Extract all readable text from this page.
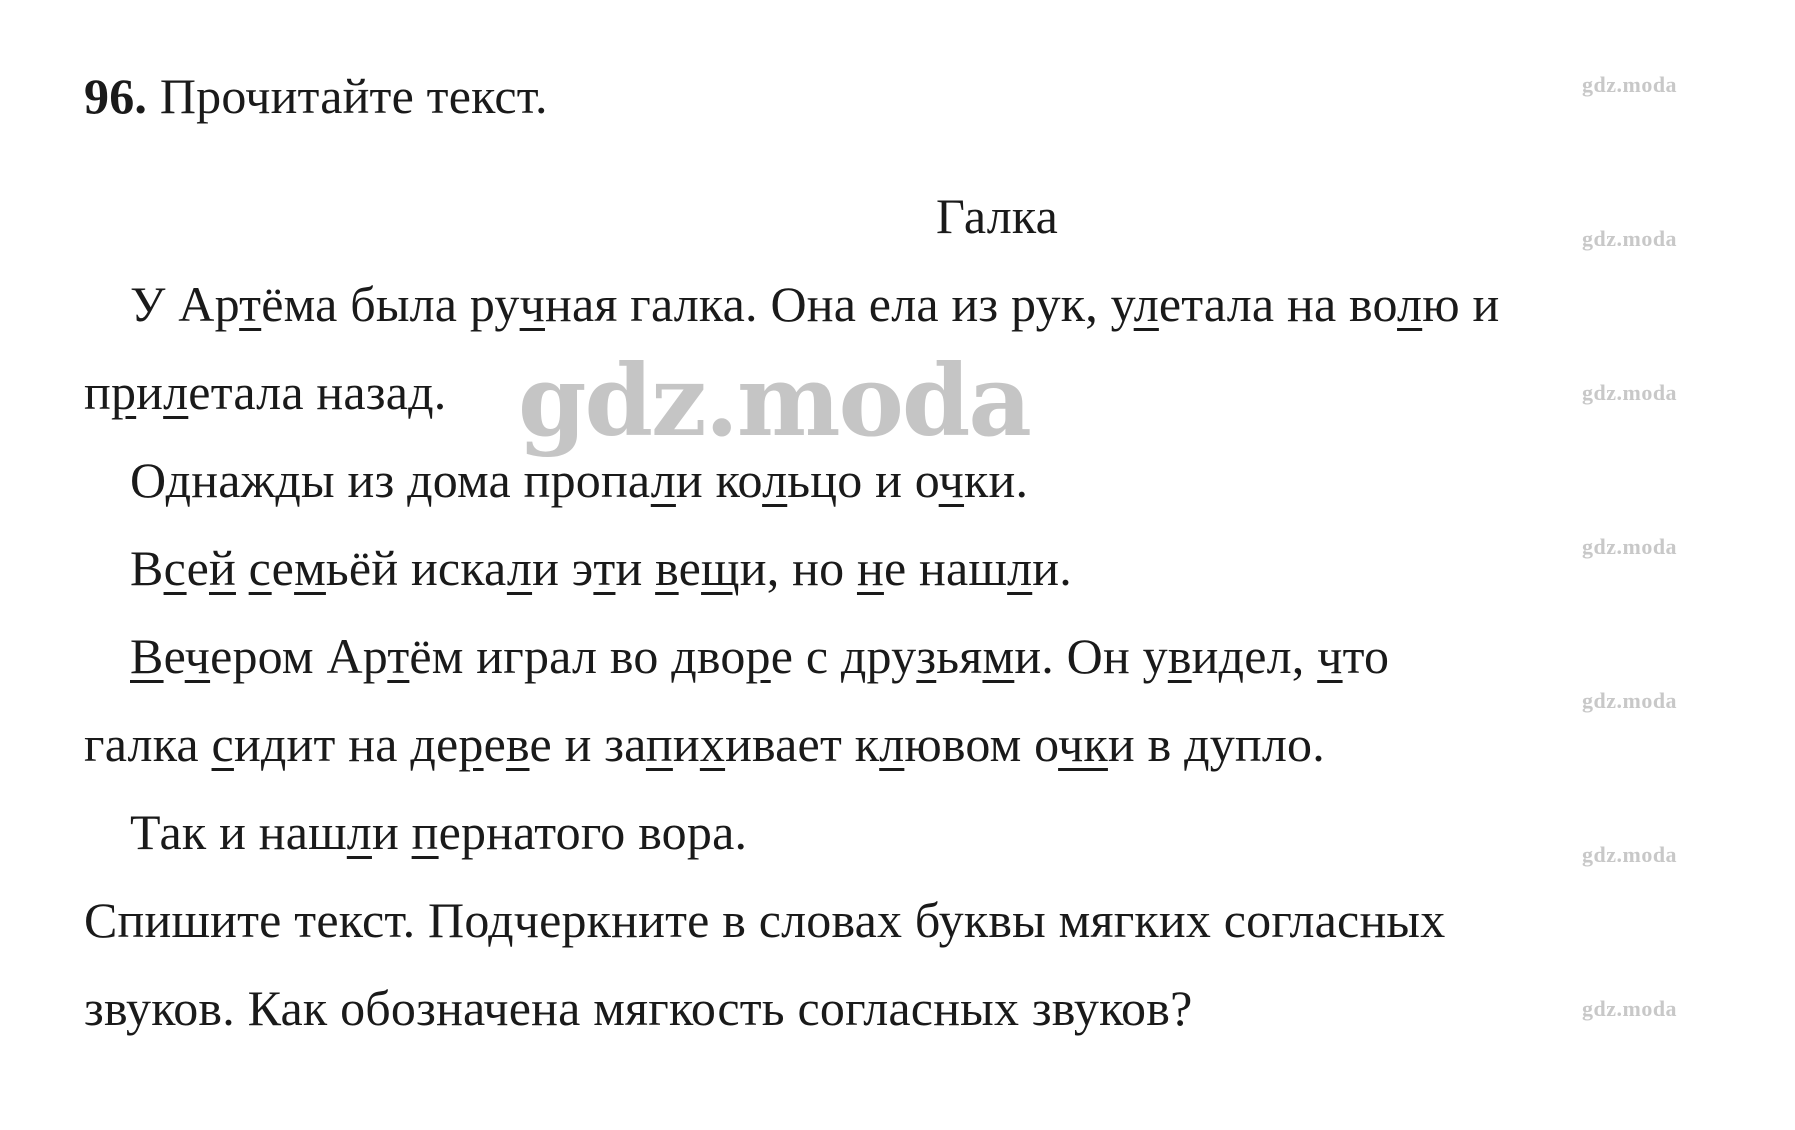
96. Прочитайте текст.
Галка
У Артёма была ручная галка. Она ела из рук, улетала на волю и
прилетала назад.
Однажды из дома пропали кольцо и очки.
Всей семьёй искали эти вещи, но не нашли.
Вечером Артём играл во дворе с друзьями. Он увидел, что
галка сидит на дереве и запихивает клювом очки в дупло.
Так и нашли пернатого вора.
Спишите текст. Подчеркните в словах буквы мягких согласных
звуков. Как обозначена мягкость согласных звуков?
gdz.moda
gdz.moda
gdz.moda
gdz.moda
gdz.moda
gdz.moda
gdz.moda
gdz.moda
